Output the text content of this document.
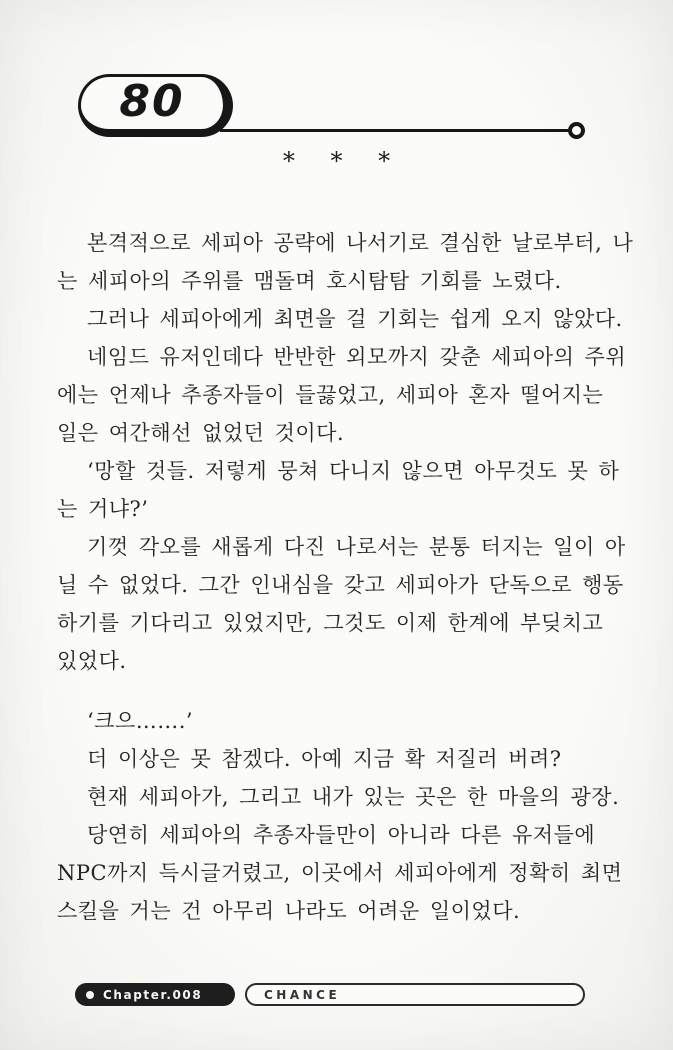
80
* * *
본격적으로 세피아 공략에 나서기로 결심한 날로부터, 나
는 세피아의 주위를 맴돌며 호시탐탐 기회를 노렸다.
그러나 세피아에게 최면을 걸 기회는 쉽게 오지 않았다.
네임드 유저인데다 반반한 외모까지 갖춘 세피아의 주위
에는 언제나 추종자들이 들끓었고, 세피아 혼자 떨어지는
일은 여간해선 없었던 것이다.
‘망할 것들. 저렇게 뭉쳐 다니지 않으면 아무것도 못 하
는 거냐?’
기껏 각오를 새롭게 다진 나로서는 분통 터지는 일이 아
닐 수 없었다. 그간 인내심을 갖고 세피아가 단독으로 행동
하기를 기다리고 있었지만, 그것도 이제 한계에 부딪치고
있었다.
‘크으…….’
더 이상은 못 참겠다. 아예 지금 확 저질러 버려?
현재 세피아가, 그리고 내가 있는 곳은 한 마을의 광장.
당연히 세피아의 추종자들만이 아니라 다른 유저들에
NPC까지 득시글거렸고, 이곳에서 세피아에게 정확히 최면
스킬을 거는 건 아무리 나라도 어려운 일이었다.
Chapter.008	CHANCE
